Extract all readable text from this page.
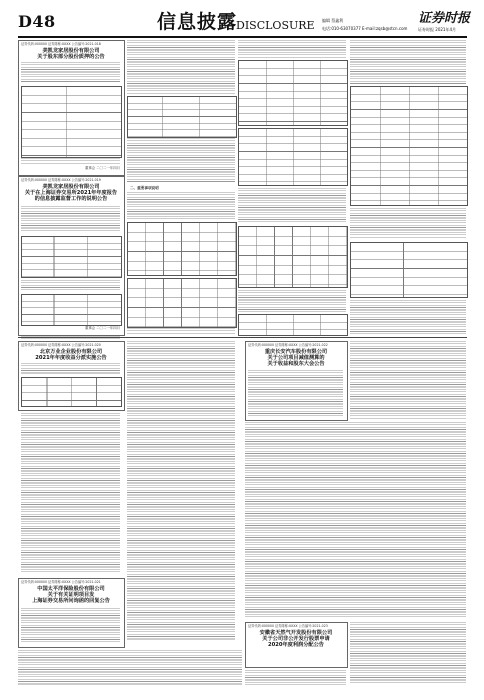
D48	信息披露
DISCLOSURE 编辑 蔡鑫利
电话:010-63070377 E-mail:zqsb@stcn.com
证券时报
证券时报 2021年4月
证券代码:000000 证券简称:XXXX 公告编号:2021-018
美凯龙家居股份有限公司
关于股东部分股份质押的公告
董事会 二〇二一年四月
证券代码:000000 证券简称:XXXX 公告编号:2021-019
美凯龙家居股份有限公司
关于在上海证券交易所2021年年度报告
的信息披露监督工作的说明公告
董事会 二〇二一年四月
二、重要事项说明
证券代码:000000 证券简称:XXXX 公告编号:2021-020
北京万业企业股份有限公司
2021年年度收益分派实施公告
证券代码:000000 证券简称:XXXX 公告编号:2021-022
重庆长安汽车股份有限公司
关于公司项目减值测算的
关于收益和股东大会公告
证券代码:000000 证券简称:XXXX 公告编号:2021-021
中国太平洋保险股份有限公司
关于有关证明项目发
上海证券交易所问询函的回复公告
证券代码:000000 证券简称:XXXX 公告编号:2021-023
安徽省天然气开发股份有限公司
关于公司非公开发行股票申请
2020年度利润分配公告
